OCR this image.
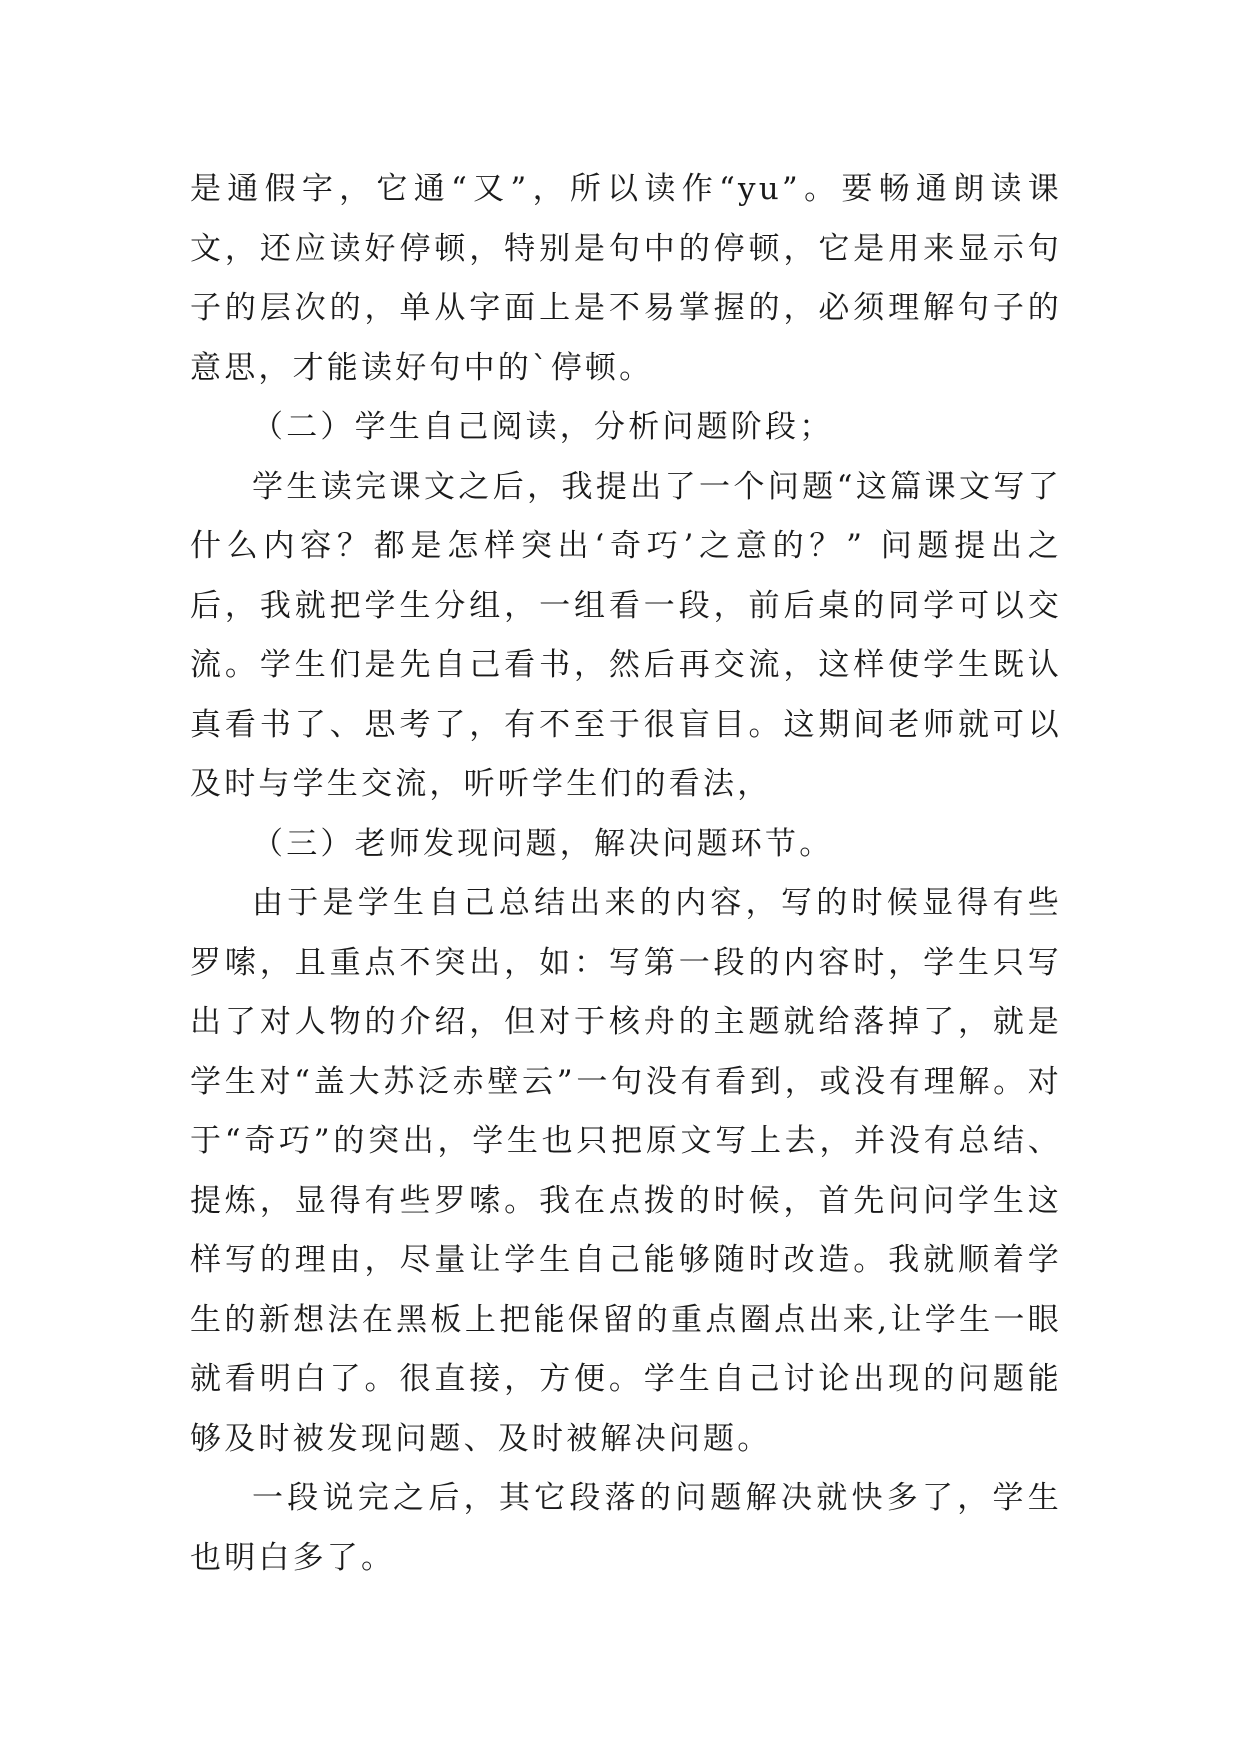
是通假字，它通“又”，所以读作“yu”。要畅通朗读课文，还应读好停顿，特别是句中的停顿，它是用来显示句子的层次的，单从字面上是不易掌握的，必须理解句子的意思，才能读好句中的`停顿。

（二）学生自己阅读，分析问题阶段；

学生读完课文之后，我提出了一个问题“这篇课文写了什么内容？都是怎样突出‘奇巧’之意的？” 问题提出之后，我就把学生分组，一组看一段，前后桌的同学可以交流。学生们是先自己看书，然后再交流，这样使学生既认真看书了、思考了，有不至于很盲目。这期间老师就可以及时与学生交流，听听学生们的看法，

（三）老师发现问题，解决问题环节。

由于是学生自己总结出来的内容，写的时候显得有些罗嗦，且重点不突出，如：写第一段的内容时，学生只写出了对人物的介绍，但对于核舟的主题就给落掉了，就是学生对“盖大苏泛赤壁云”一句没有看到，或没有理解。对于“奇巧”的突出，学生也只把原文写上去，并没有总结、提炼，显得有些罗嗦。我在点拨的时候，首先问问学生这样写的理由，尽量让学生自己能够随时改造。我就顺着学生的新想法在黑板上把能保留的重点圈点出来,让学生一眼就看明白了。很直接，方便。学生自己讨论出现的问题能够及时被发现问题、及时被解决问题。

一段说完之后，其它段落的问题解决就快多了，学生也明白多了。
